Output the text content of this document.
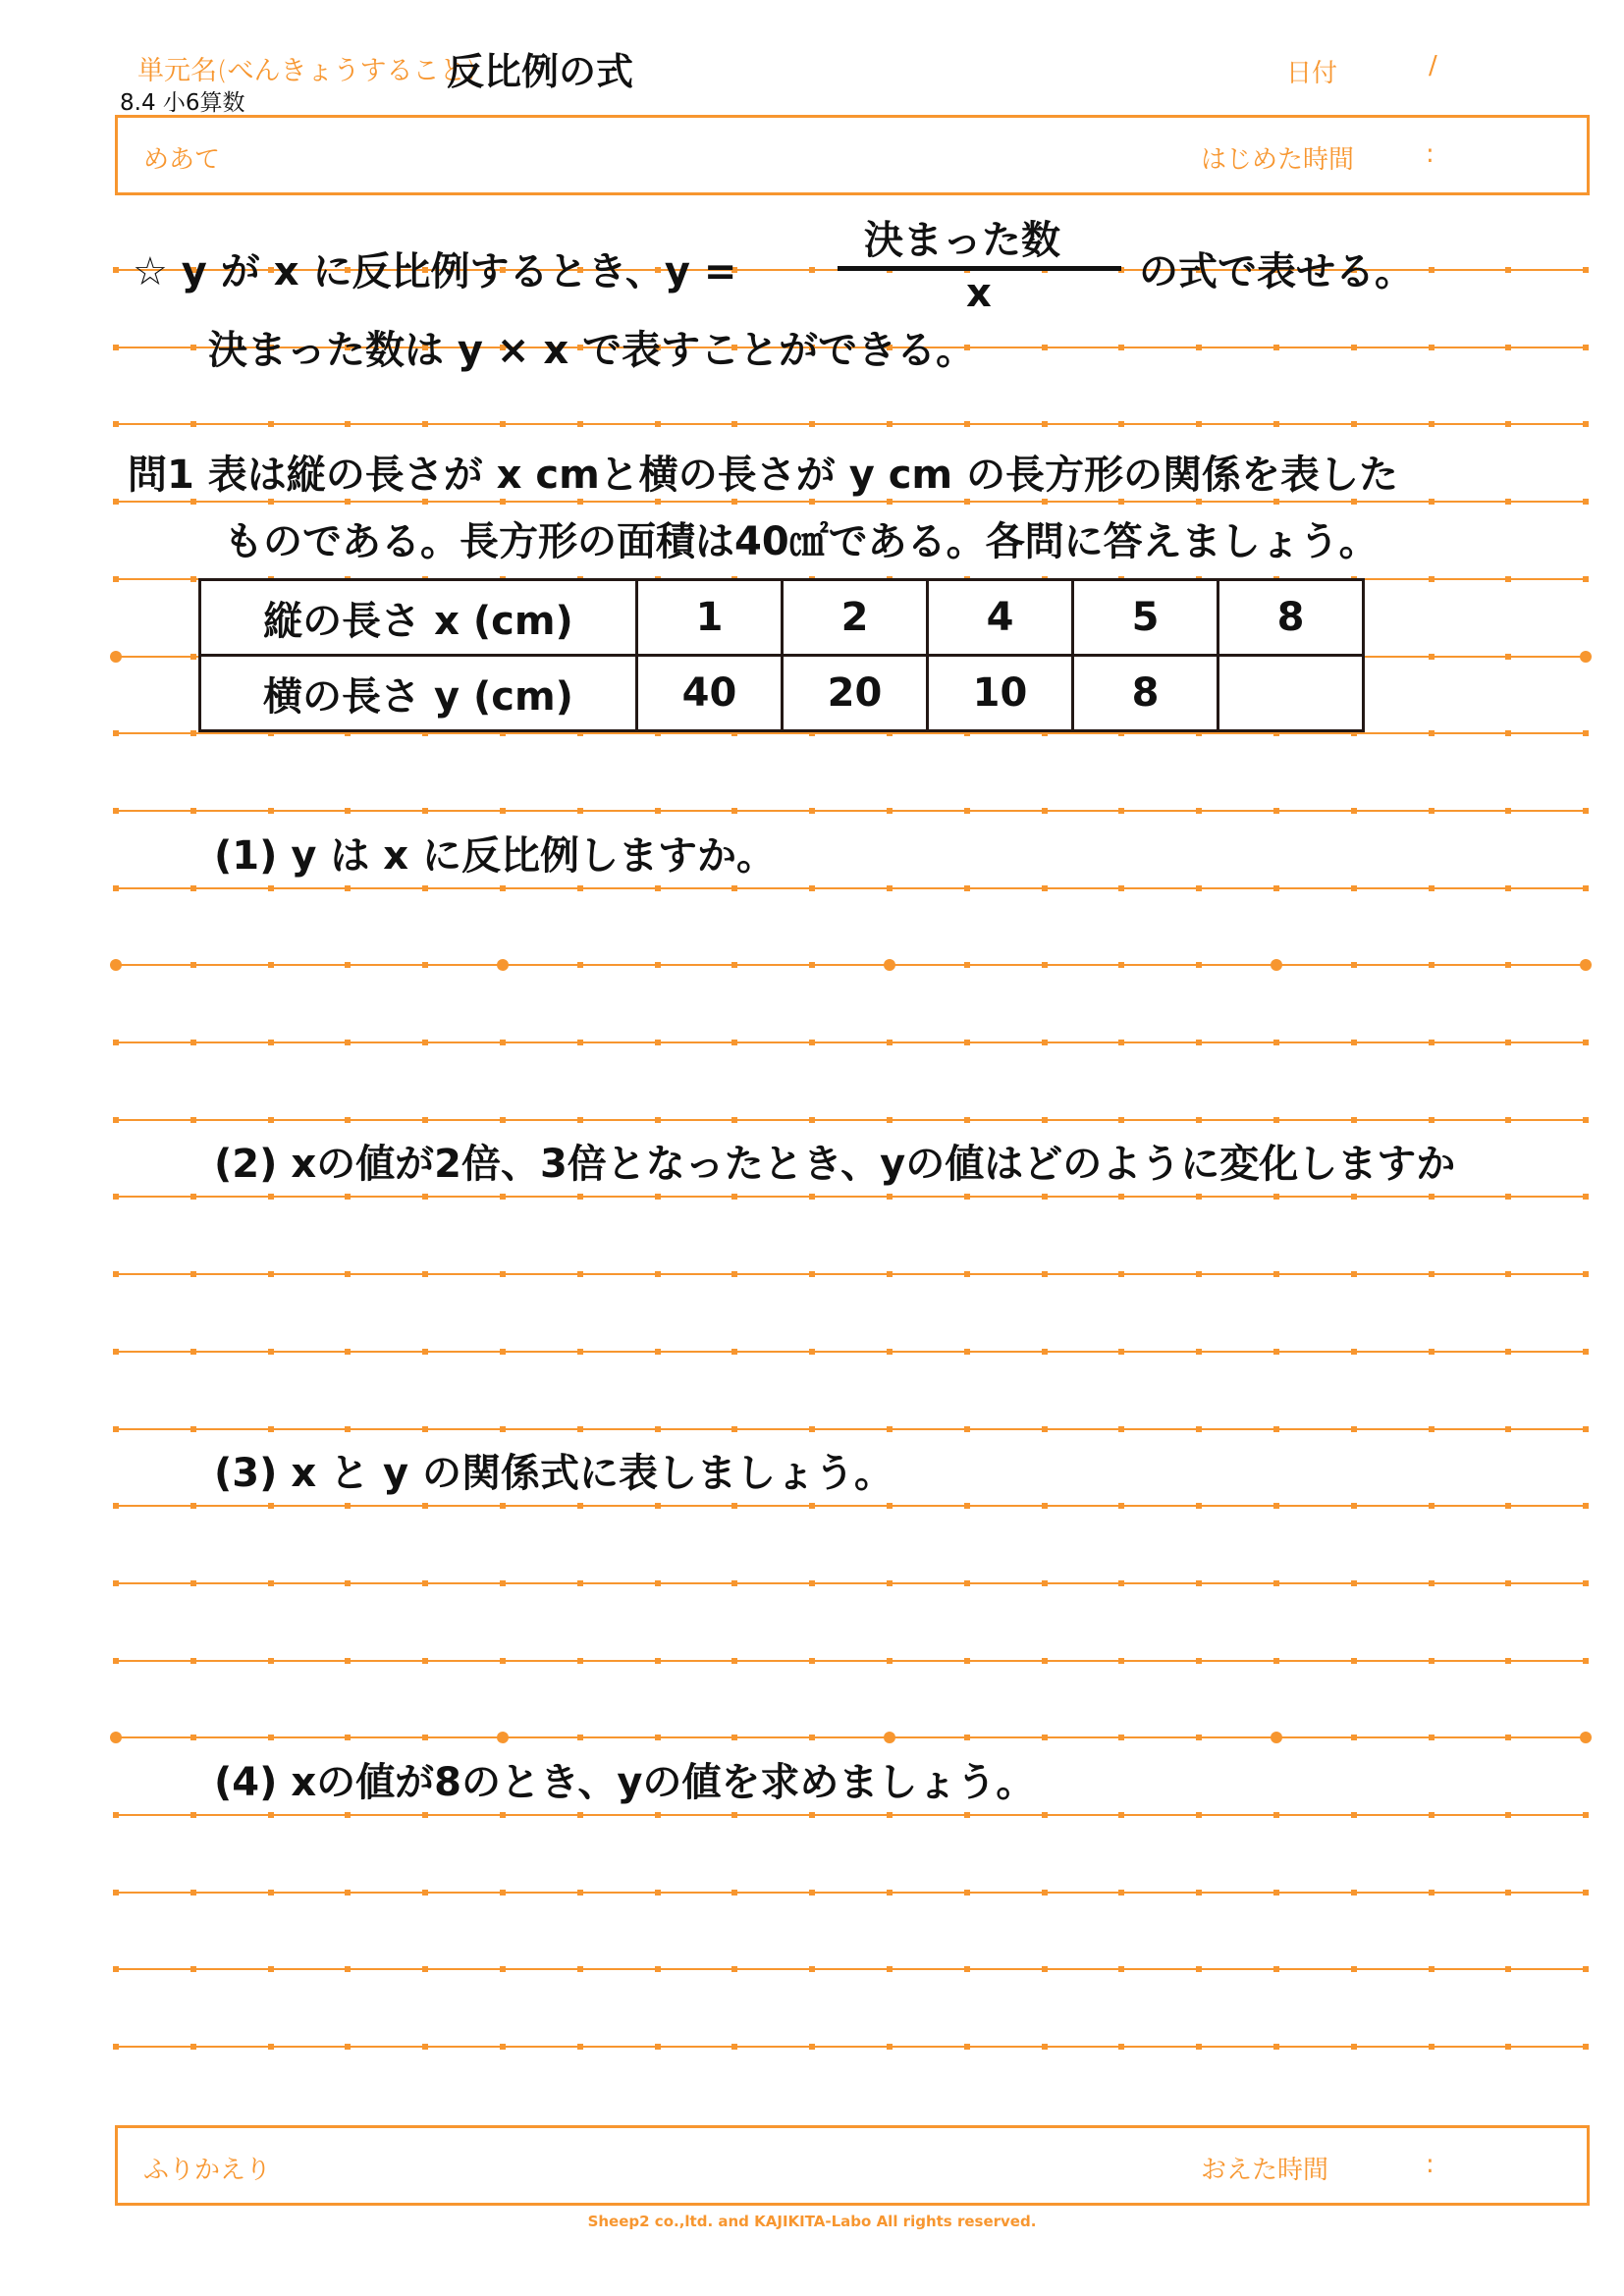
単元名(べんきょうすること)
反比例の式
8.4 小6算数
日付	/
めあて	はじめた時間	:
☆ y が x に反比例するとき、y =
決まった数
x	の式で表せる。
決まった数は y × x で表すことができる。
問1 表は縦の長さが x cmと横の長さが y cm の長方形の関係を表した
ものである。長方形の面積は40㎠である。各問に答えましょう。
縦の長さ x (cm)	1	2	4	5	8
横の長さ y (cm)	40	20	10	8	
(1) y は x に反比例しますか。
(2) xの値が2倍、3倍となったとき、yの値はどのように変化しますか
(3) x と y の関係式に表しましょう。
(4) xの値が8のとき、yの値を求めましょう。
ふりかえり	おえた時間	:
Sheep2 co.,ltd. and KAJIKITA-Labo All rights reserved.
